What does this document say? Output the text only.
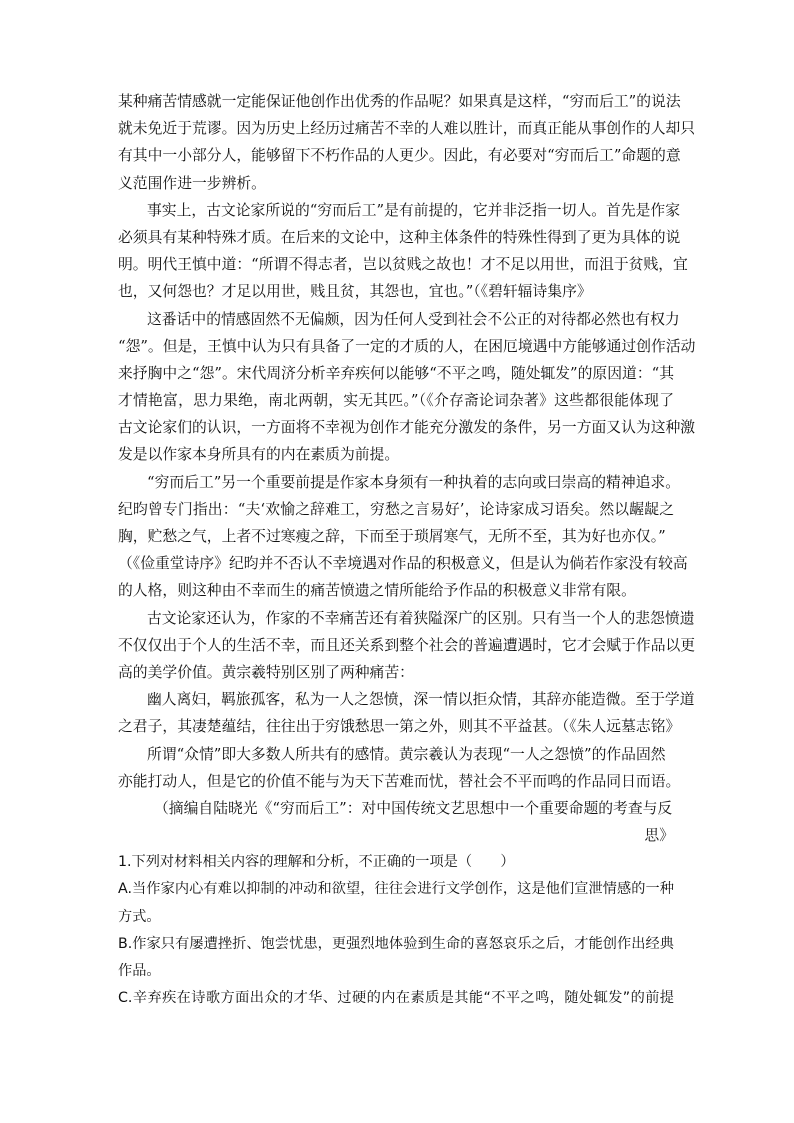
某种痛苦情感就一定能保证他创作出优秀的作品呢？如果真是这样，“穷而后工”的说法
就未免近于荒谬。因为历史上经历过痛苦不幸的人难以胜计，而真正能从事创作的人却只
有其中一小部分人，能够留下不朽作品的人更少。因此，有必要对“穷而后工”命题的意
义范围作进一步辨析。
事实上，古文论家所说的“穷而后工”是有前提的，它并非泛指一切人。首先是作家
必须具有某种特殊才质。在后来的文论中，这种主体条件的特殊性得到了更为具体的说
明。明代王慎中道：“所谓不得志者，岂以贫贱之故也！才不足以用世，而沮于贫贱，宜
也，又何怨也？才足以用世，贱且贫，其怨也，宜也。”（《碧轩辐诗集序》
这番话中的情感固然不无偏颇，因为任何人受到社会不公正的对待都必然也有权力
“怨”。但是，王慎中认为只有具备了一定的才质的人，在困厄境遇中方能够通过创作活动
来抒胸中之“怨”。宋代周济分析辛弃疾何以能够“不平之鸣，随处辄发”的原因道：“其
才情艳富，思力果绝，南北两朝，实无其匹。”（《介存斋论词杂著》这些都很能体现了
古文论家们的认识，一方面将不幸视为创作才能充分激发的条件，另一方面又认为这种激
发是以作家本身所具有的内在素质为前提。
“穷而后工”另一个重要前提是作家本身须有一种执着的志向或曰崇高的精神追求。
纪昀曾专门指出：“夫‘欢愉之辞难工，穷愁之言易好’，论诗家成习语矣。然以龌龊之
胸，贮愁之气，上者不过寒瘦之辞，下而至于琐屑寒气，无所不至，其为好也亦仅。”
（《俭重堂诗序》纪昀并不否认不幸境遇对作品的积极意义，但是认为倘若作家没有较高
的人格，则这种由不幸而生的痛苦愤遗之情所能给予作品的积极意义非常有限。
古文论家还认为，作家的不幸痛苦还有着狭隘深广的区别。只有当一个人的悲怨愤遗
不仅仅出于个人的生活不幸，而且还关系到整个社会的普遍遭遇时，它才会赋于作品以更
高的美学价值。黄宗羲特别区别了两种痛苦：
幽人离妇，羁旅孤客，私为一人之怨愤，深一情以拒众情，其辞亦能造微。至于学道
之君子，其凄楚蕴结，往往出于穷饿愁思一第之外，则其不平益甚。（《朱人远墓志铭》
所谓“众情”即大多数人所共有的感情。黄宗羲认为表现“一人之怨愤”的作品固然
亦能打动人，但是它的价值不能与为天下苦难而忧，替社会不平而鸣的作品同日而语。
（摘编自陆晓光《“穷而后工”：对中国传统文艺思想中一个重要命题的考查与反
思》
1.下列对材料相关内容的理解和分析，不正确的一项是（　　）
A.当作家内心有难以抑制的冲动和欲望，往往会进行文学创作，这是他们宣泄情感的一种
方式。
B.作家只有屡遭挫折、饱尝忧患，更强烈地体验到生命的喜怒哀乐之后，才能创作出经典
作品。
C.辛弃疾在诗歌方面出众的才华、过硬的内在素质是其能“不平之鸣，随处辄发”的前提
